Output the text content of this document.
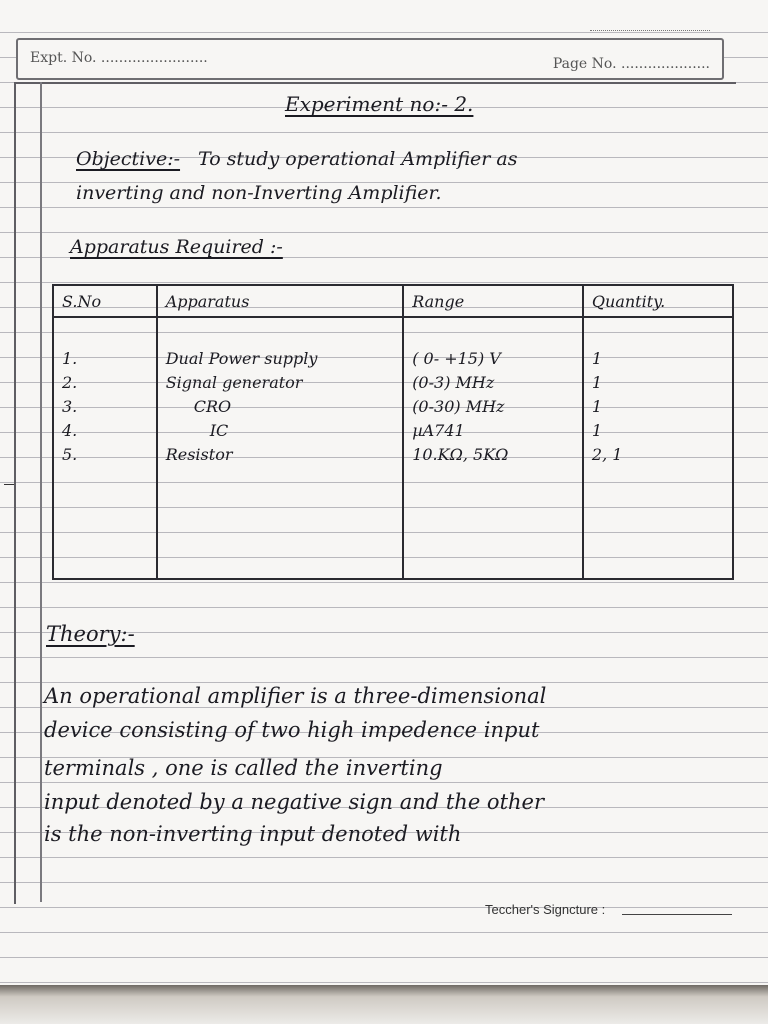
Expt. No. ........................	Page No. ....................
Experiment no:- 2.
Objective:- To study operational Amplifier as
inverting and non-Inverting Amplifier.
Apparatus Required :-
S.No	Apparatus	Range	Quantity.

1.	Dual Power supply	( 0- +15) V	1
2.	Signal generator	(0-3) MHz	1
3.	CRO	(0-30) MHz	1
4.	IC	µA741	1
5.	Resistor	10.KΩ, 5KΩ	2, 1

Theory:-
An operational amplifier is a three-dimensional
device consisting of two high impedence input
terminals , one is called the inverting
input denoted by a negative sign and the other
is the non-inverting input denoted with
Teccher's Signcture :
